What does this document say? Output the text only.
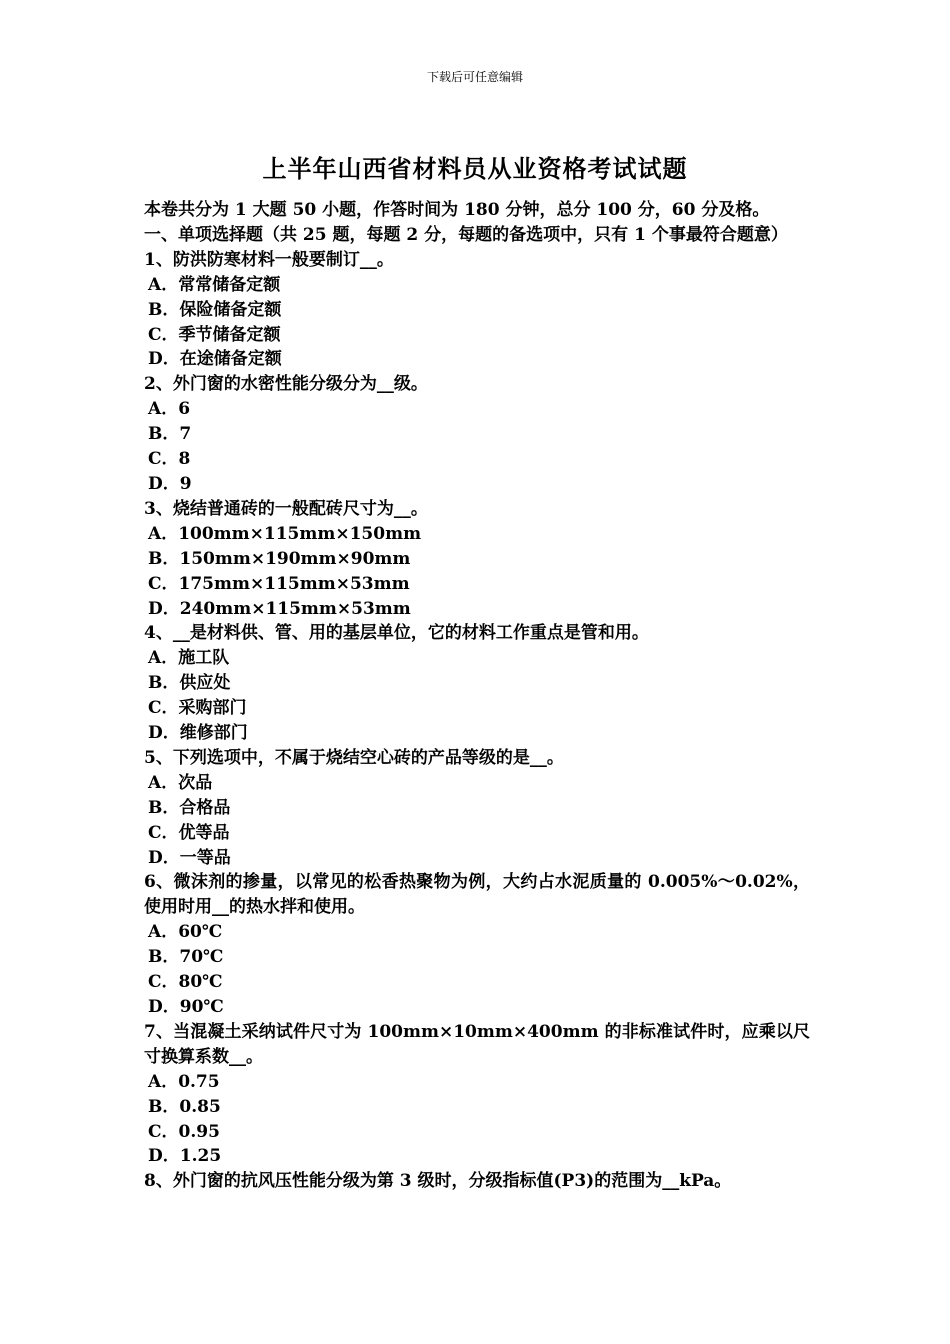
下载后可任意编辑
上半年山西省材料员从业资格考试试题

本卷共分为 1 大题 50 小题，作答时间为 180 分钟，总分 100 分，60 分及格。

一、单项选择题（共 25 题，每题 2 分，每题的备选项中，只有 1 个事最符合题意）

1、防洪防寒材料一般要制订__。

A．常常储备定额

B．保险储备定额

C．季节储备定额

D．在途储备定额

2、外门窗的水密性能分级分为__级。

A．6

B．7

C．8

D．9

3、烧结普通砖的一般配砖尺寸为__。

A．100mm×115mm×150mm

B．150mm×190mm×90mm

C．175mm×115mm×53mm

D．240mm×115mm×53mm

4、__是材料供、管、用的基层单位，它的材料工作重点是管和用。

A．施工队

B．供应处

C．采购部门

D．维修部门

5、下列选项中，不属于烧结空心砖的产品等级的是__。

A．次品

B．合格品

C．优等品

D．一等品

6、微沫剂的掺量，以常见的松香热聚物为例，大约占水泥质量的 0.005%～0.02%，使用时用__的热水拌和使用。

A．60℃

B．70℃

C．80℃

D．90℃

7、当混凝土采纳试件尺寸为 100mm×10mm×400mm 的非标准试件时，应乘以尺寸换算系数__。

A．0.75

B．0.85

C．0.95

D．1.25

8、外门窗的抗风压性能分级为第 3 级时，分级指标值(P3)的范围为__kPa。
